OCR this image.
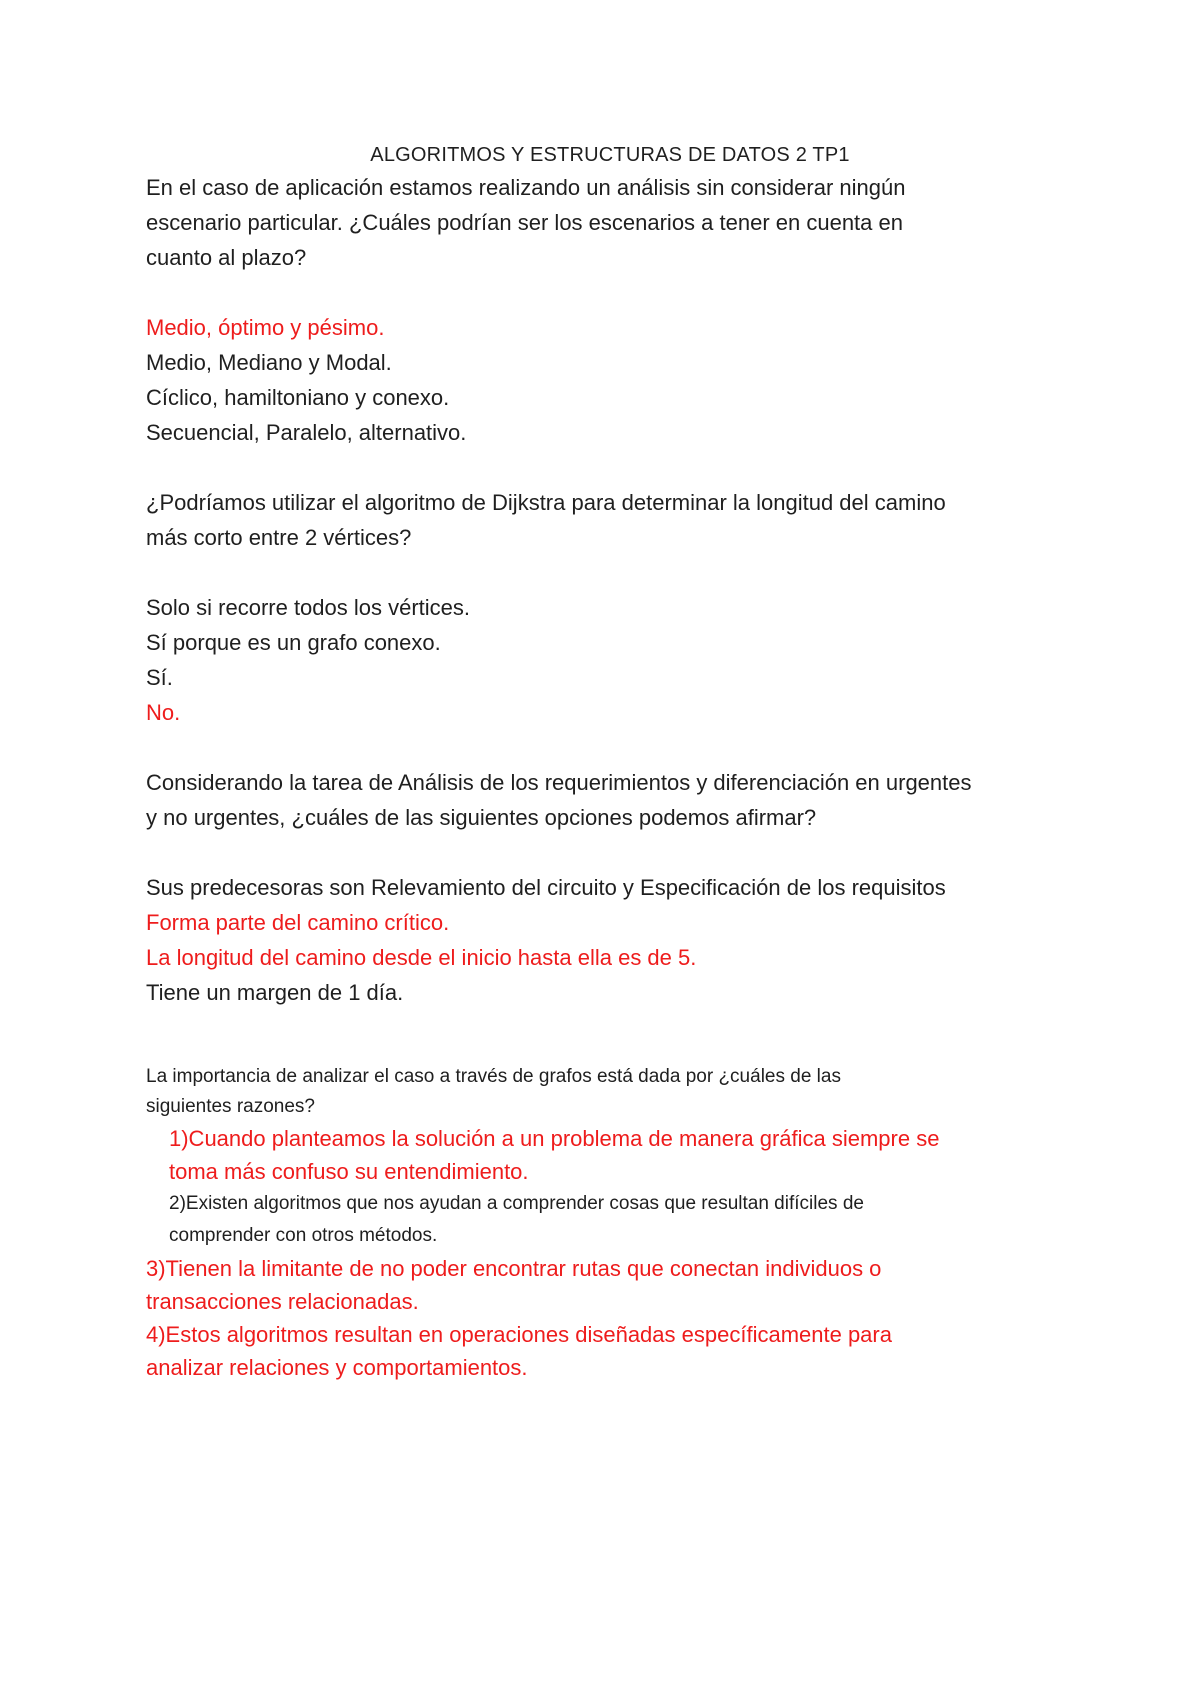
ALGORITMOS Y ESTRUCTURAS DE DATOS 2 TP1

En el caso de aplicación estamos realizando un análisis sin considerar ningún

escenario particular. ¿Cuáles podrían ser los escenarios a tener en cuenta en

cuanto al plazo?

Medio, óptimo y pésimo.

Medio, Mediano y Modal.

Cíclico, hamiltoniano y conexo.

Secuencial, Paralelo, alternativo.

¿Podríamos utilizar el algoritmo de Dijkstra para determinar la longitud del camino

más corto entre 2 vértices?

Solo si recorre todos los vértices.

Sí porque es un grafo conexo.

Sí.

No.

Considerando la tarea de Análisis de los requerimientos y diferenciación en urgentes

y no urgentes, ¿cuáles de las siguientes opciones podemos afirmar?

Sus predecesoras son Relevamiento del circuito y Especificación de los requisitos

Forma parte del camino crítico.

La longitud del camino desde el inicio hasta ella es de 5.

Tiene un margen de 1 día.

La importancia de analizar el caso a través de grafos está dada por ¿cuáles de las

siguientes razones?

1)Cuando planteamos la solución a un problema de manera gráfica siempre se

toma más confuso su entendimiento.

2)Existen algoritmos que nos ayudan a comprender cosas que resultan difíciles de

comprender con otros métodos.

3)Tienen la limitante de no poder encontrar rutas que conectan individuos o

transacciones relacionadas.

4)Estos algoritmos resultan en operaciones diseñadas específicamente para

analizar relaciones y comportamientos.
